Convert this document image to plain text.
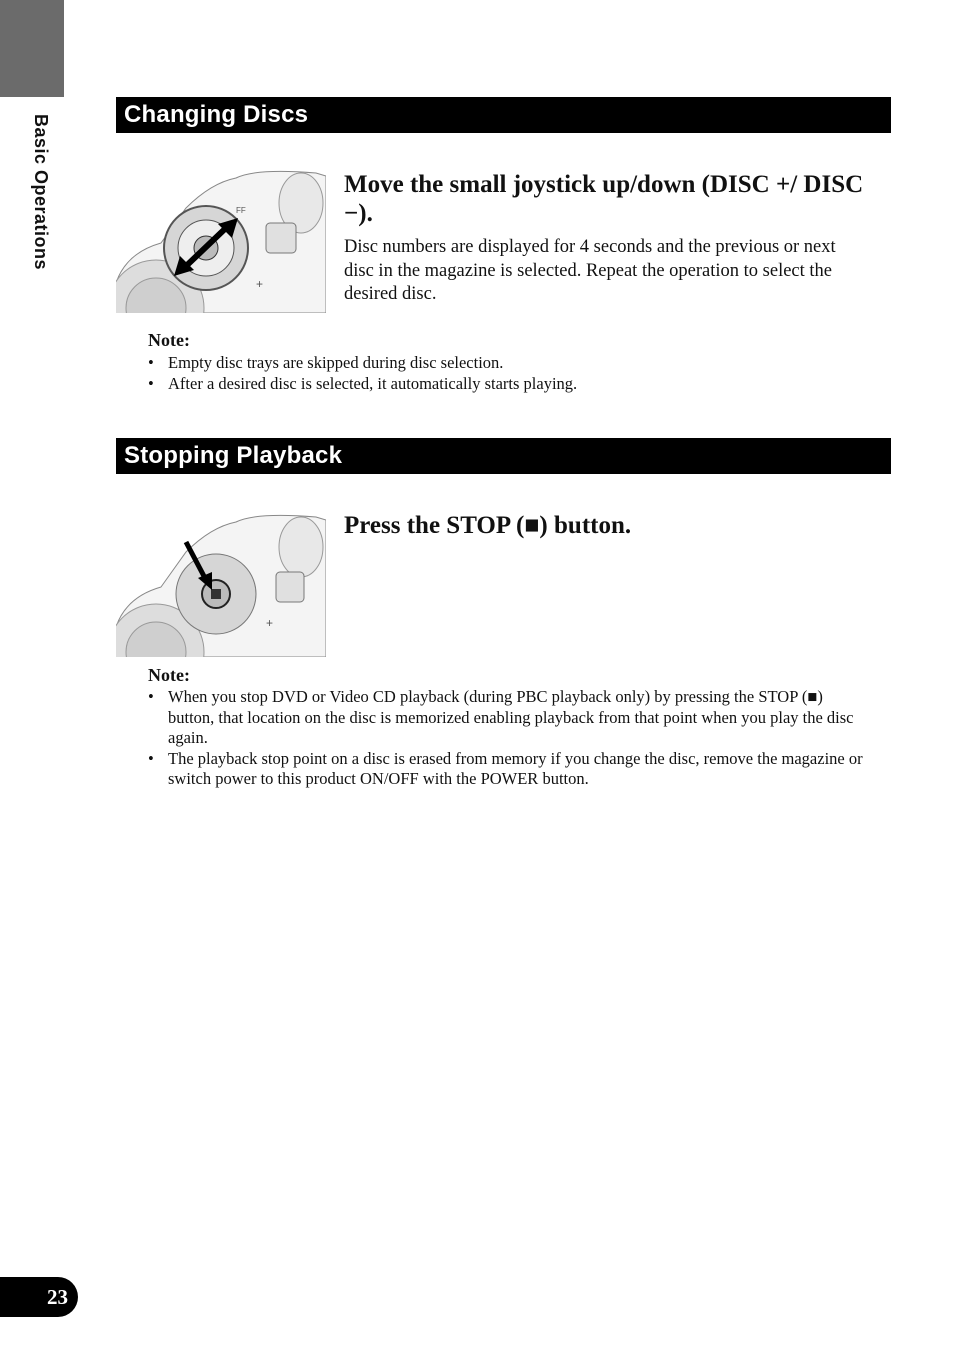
Basic Operations	Changing Discs
FF
+
Move the small joystick up/down (DISC +/ DISC −).
Disc numbers are displayed for 4 seconds and the previous or next disc in the magazine is selected. Repeat the operation to select the desired disc.
Note:
• Empty disc trays are skipped during disc selection.
• After a desired disc is selected, it automatically starts playing.
Stopping Playback
+
Press the STOP (■) button.
Note:
• When you stop DVD or Video CD playback (during PBC playback only) by pressing the STOP (■) button, that location on the disc is memorized enabling playback from that point when you play the disc again.
• The playback stop point on a disc is erased from memory if you change the disc, remove the magazine or switch power to this product ON/OFF with the POWER button.
23
